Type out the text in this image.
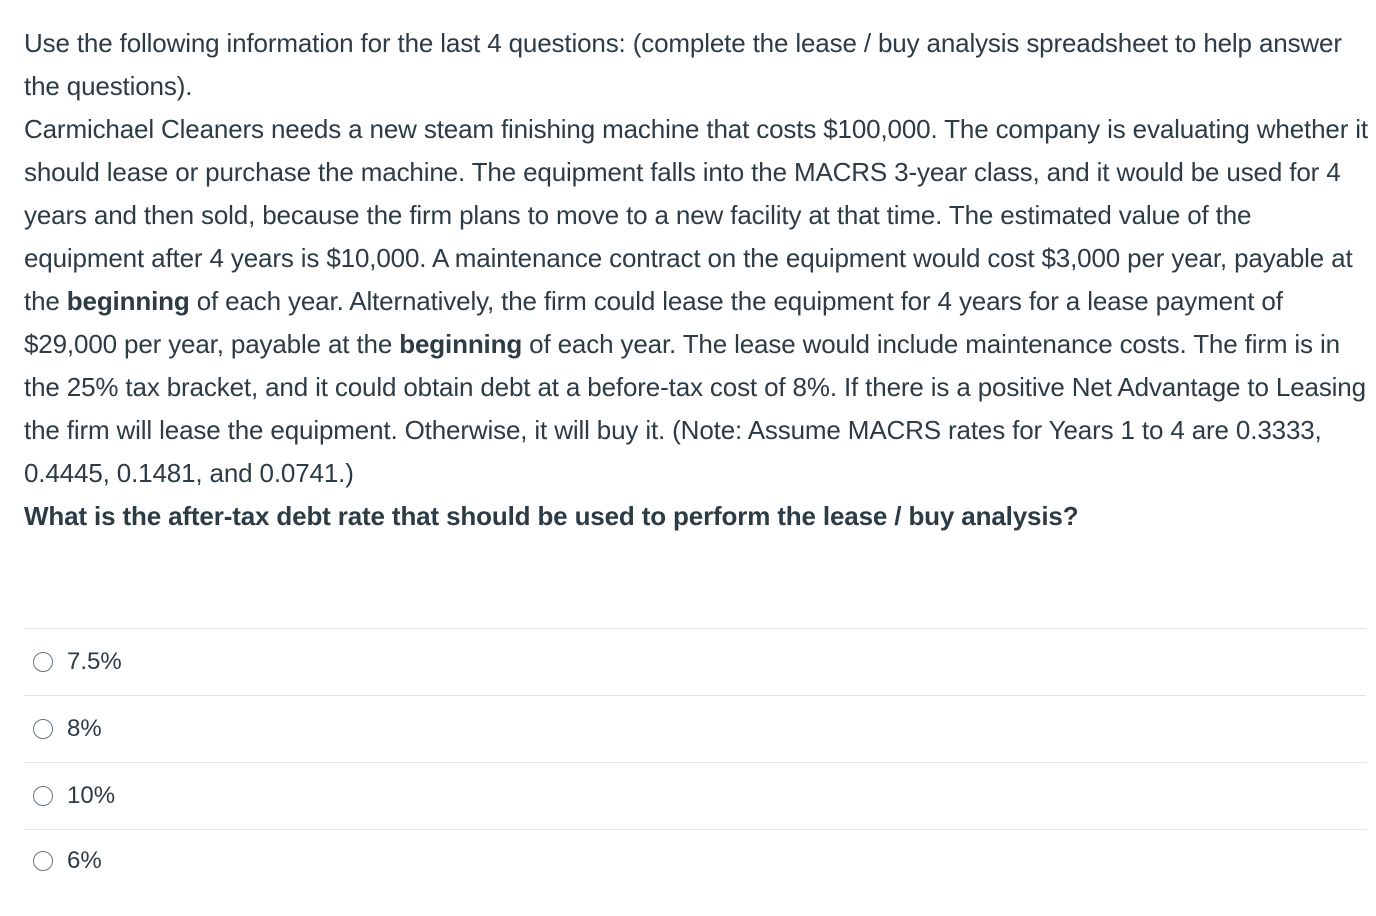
Use the following information for the last 4 questions: (complete the lease / buy analysis spreadsheet to help answer the questions).

Carmichael Cleaners needs a new steam finishing machine that costs $100,000. The company is evaluating whether it should lease or purchase the machine. The equipment falls into the MACRS 3-year class, and it would be used for 4 years and then sold, because the firm plans to move to a new facility at that time. The estimated value of the equipment after 4 years is $10,000. A maintenance contract on the equipment would cost $3,000 per year, payable at the beginning of each year. Alternatively, the firm could lease the equipment for 4 years for a lease payment of $29,000 per year, payable at the beginning of each year. The lease would include maintenance costs. The firm is in the 25% tax bracket, and it could obtain debt at a before-tax cost of 8%. If there is a positive Net Advantage to Leasing the firm will lease the equipment. Otherwise, it will buy it. (Note: Assume MACRS rates for Years 1 to 4 are 0.3333, 0.4445, 0.1481, and 0.0741.)

What is the after-tax debt rate that should be used to perform the lease / buy analysis?

7.5%
8%
10%
6%
